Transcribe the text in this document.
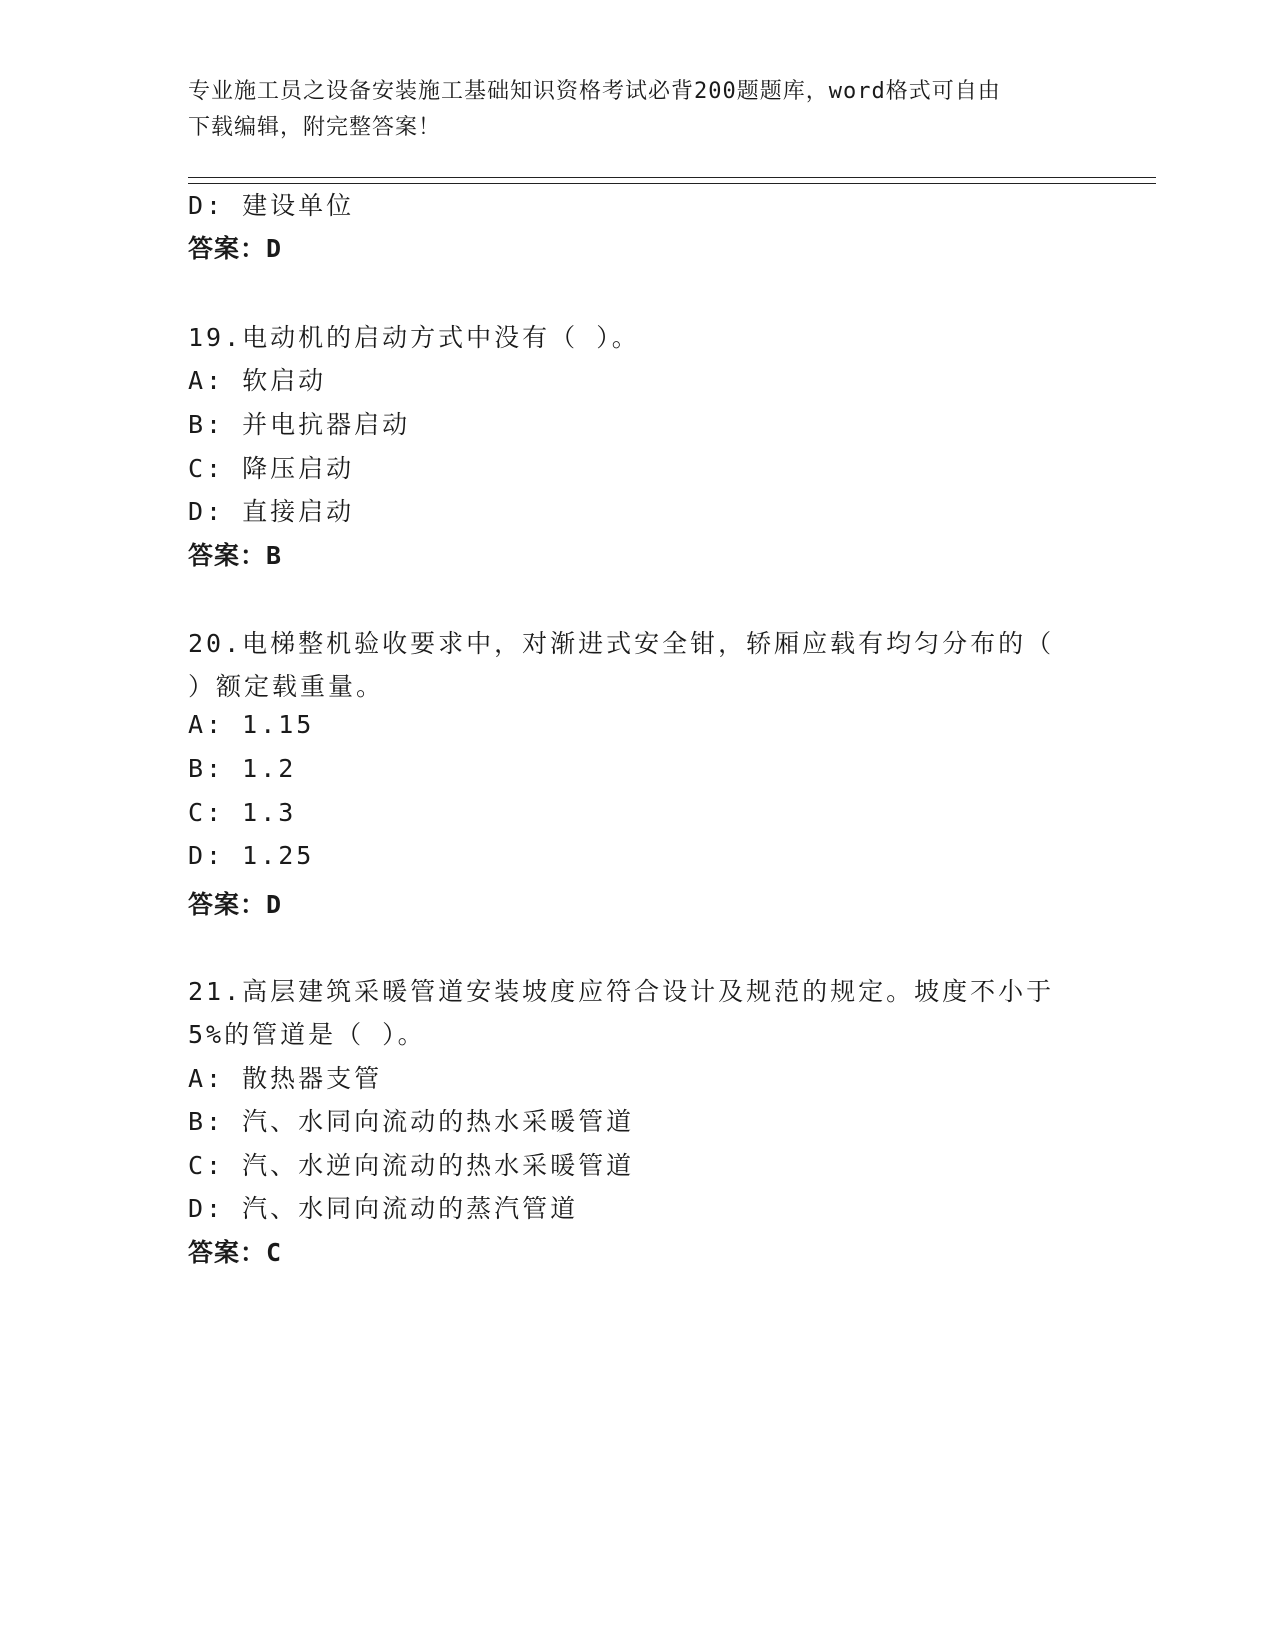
专业施工员之设备安装施工基础知识资格考试必背200题题库，word格式可自由
下载编辑，附完整答案！
D: 建设单位
答案：D
19.电动机的启动方式中没有（ ）。
A: 软启动
B: 并电抗器启动
C: 降压启动
D: 直接启动
答案：B
20.电梯整机验收要求中，对渐进式安全钳，轿厢应载有均匀分布的（
）额定载重量。
A: 1.15
B: 1.2
C: 1.3
D: 1.25
答案：D
21.高层建筑采暖管道安装坡度应符合设计及规范的规定。坡度不小于
5%的管道是（ ）。
A: 散热器支管
B: 汽、水同向流动的热水采暖管道
C: 汽、水逆向流动的热水采暖管道
D: 汽、水同向流动的蒸汽管道
答案：C
